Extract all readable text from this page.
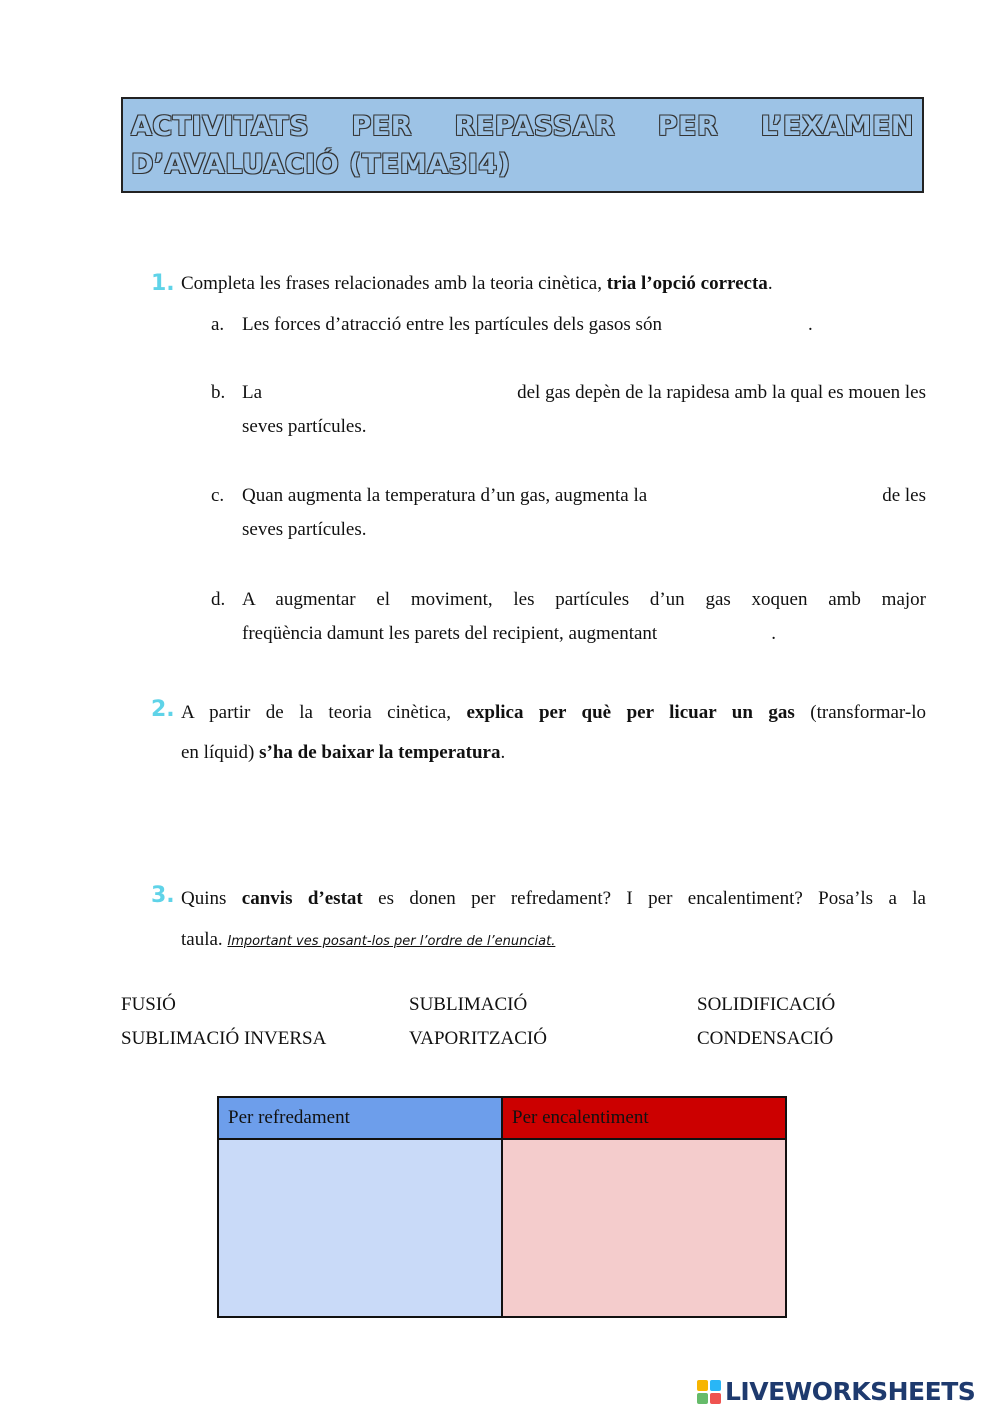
ACTIVITATS PER REPASSAR PER L’EXAMEN
D’AVALUACIÓ (TEMA3I4)
1. Completa les frases relacionades amb la teoria cinètica, tria l’opció correcta.
a. Les forces d’atracció entre les partícules dels gasos són	.
b. La	del gas depèn de la rapidesa amb la qual es mouen les
seves partícules.
c. Quan augmenta la temperatura d’un gas, augmenta la	de les
seves partícules.
d. A augmentar el moviment, les partícules d’un gas xoquen amb major
freqüència damunt les parets del recipient, augmentant	.
2. A partir de la teoria cinètica, explica per què per licuar un gas (transformar-lo
en líquid) s’ha de baixar la temperatura.
3. Quins canvis d’estat es donen per refredament? I per encalentiment? Posa’ls a la
taula. Important ves posant-los per l’ordre de l’enunciat.
FUSIÓ	SUBLIMACIÓ	SOLIDIFICACIÓ
SUBLIMACIÓ INVERSA	VAPORITZACIÓ	CONDENSACIÓ
Per refredament	Per encalentiment

LIVEWORKSHEETS
